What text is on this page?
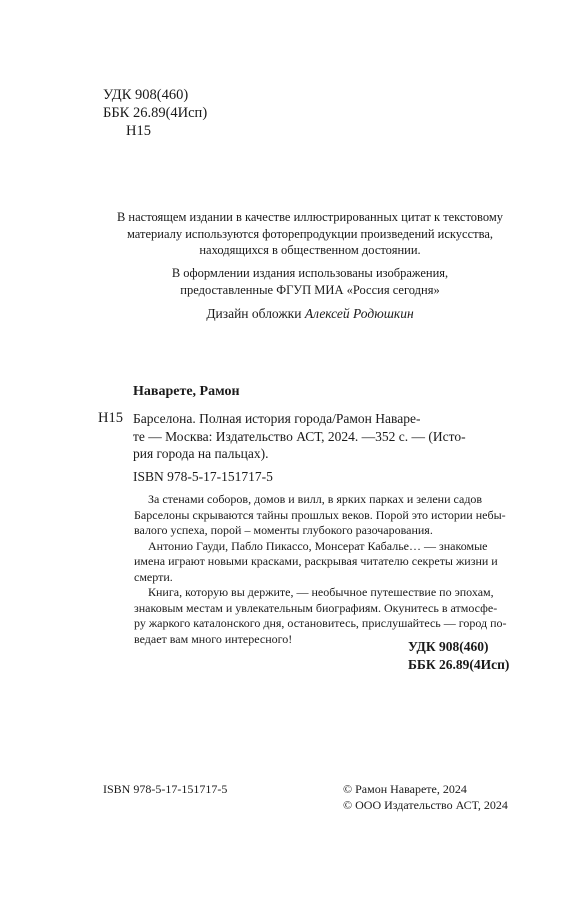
УДК 908(460)
ББК 26.89(4Исп)
Н15
В настоящем издании в качестве иллюстрированных цитат к текстовому
материалу используются фоторепродукции произведений искусства,
находящихся в общественном достоянии.
В оформлении издания использованы изображения,
предоставленные ФГУП МИА «Россия сегодня»
Дизайн обложки Алексей Родюшкин
Наварете, Рамон
Н15 Барселона. Полная история города/Рамон Наваре-
те — Москва: Издательство АСТ, 2024. —352 с. — (Исто-
рия города на пальцах).
ISBN 978-5-17-151717-5
За стенами соборов, домов и вилл, в ярких парках и зелени садов
Барселоны скрываются тайны прошлых веков. Порой это истории небы-
валого успеха, порой – моменты глубокого разочарования.
Антонио Гауди, Пабло Пикассо, Монсерат Кабалье… — знакомые
имена играют новыми красками, раскрывая читателю секреты жизни и
смерти.
Книга, которую вы держите, — необычное путешествие по эпохам,
знаковым местам и увлекательным биографиям. Окунитесь в атмосфе-
ру жаркого каталонского дня, остановитесь, прислушайтесь — город по-
ведает вам много интересного!
УДК 908(460)
ББК 26.89(4Исп)
ISBN 978-5-17-151717-5	© Рамон Наварете, 2024
© ООО Издательство АСТ, 2024
